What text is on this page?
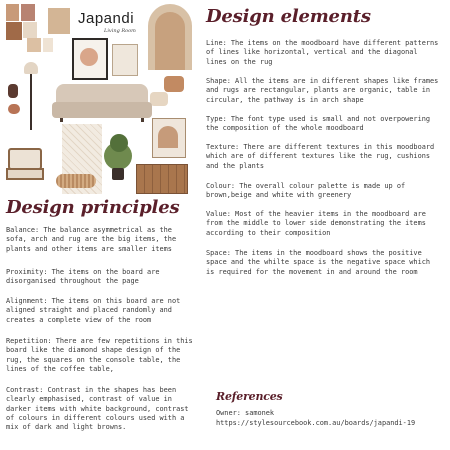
Japandi
Living Room
Design elements
Line: The items on the moodboard have different patterns of lines like horizontal, vertical and the diagonal lines on the rug
Shape: All the items are in different shapes like frames and rugs are rectangular, plants are organic, table in circular, the pathway is in arch shape
Type: The font type used is small and not overpowering the composition of the whole moodboard
Texture: There are different textures in this moodboard which are of different textures like the rug, cushions and the plants
Colour: The overall colour palette is made up of brown,beige and white with greenery
Value: Most of the heavier items in the moodboard are from the middle to lower side demonstrating the items according to their composition
Space: The items in the moodboard shows the positive space and the whilte space is the negative space which is required for the movement in and around the room
Design principles
Balance: The balance asymmetrical as the sofa, arch and rug are the big items, the plants and other items are smaller items
Proximity: The items on the board are disorganised throughout the page
Alignment: The items on this board are not aligned straight and placed randomly and creates a complete view of the room
Repetition: There are few repetitions in this board like the diamond shape design of the rug, the squares on the console table, the lines of the coffee table,
Contrast: Contrast in the shapes has been clearly emphasised, contrast of value in darker items with white background, contrast of colours in different colours used with a mix of dark and light browns.
References
Owner: samonek
https://stylesourcebook.com.au/boards/japandi-19
